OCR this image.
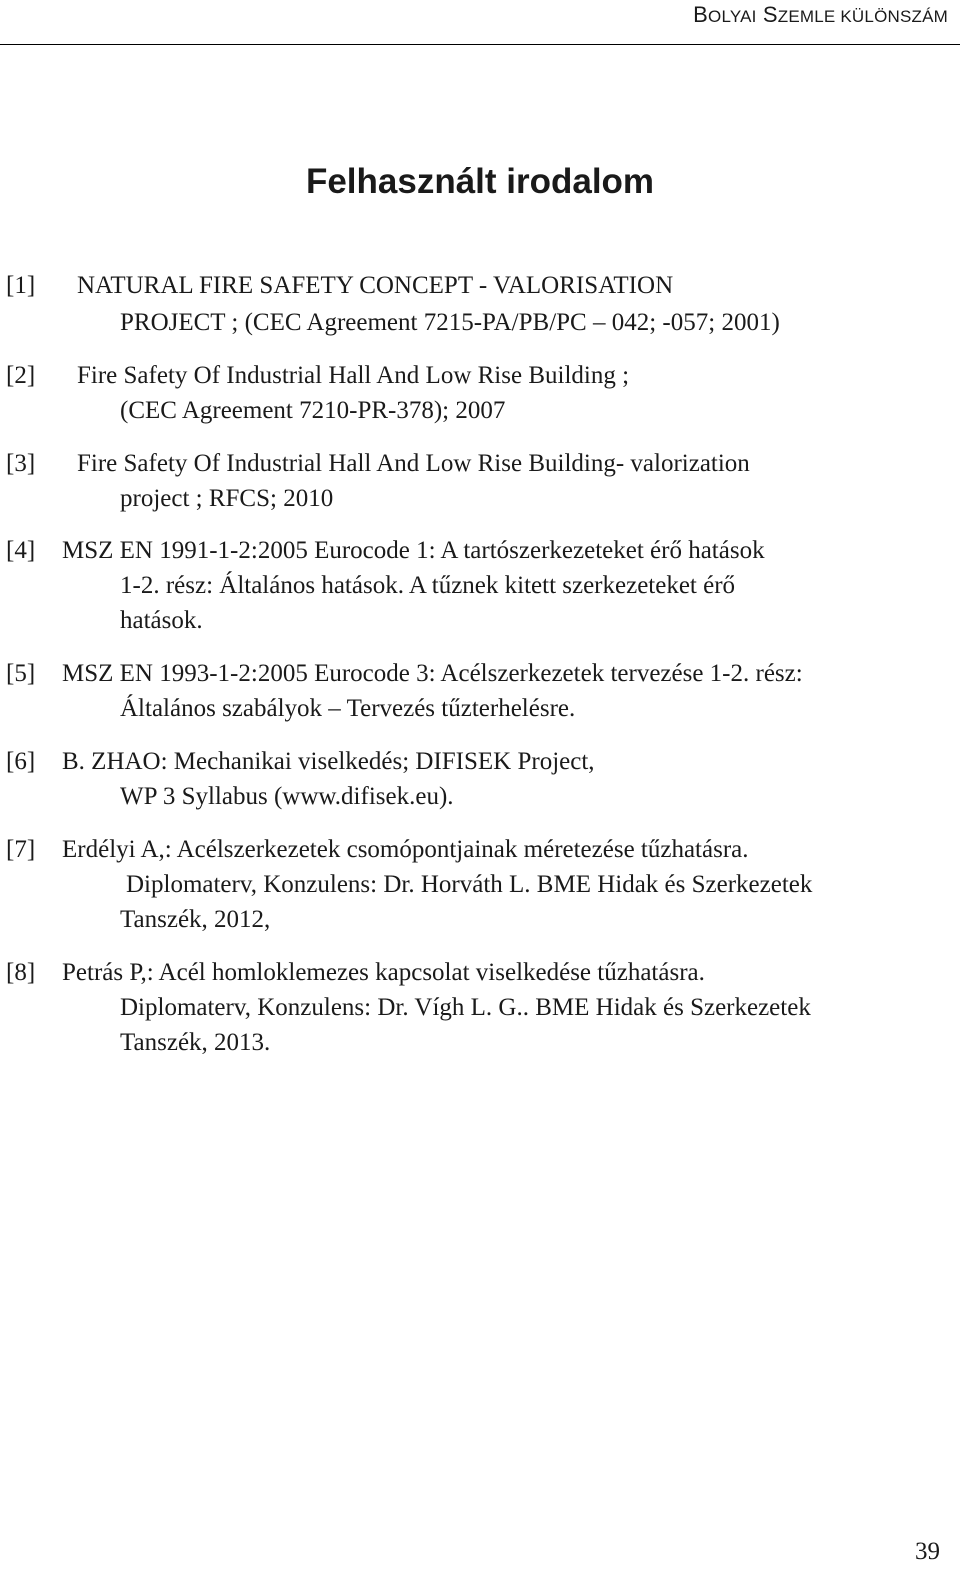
BOLYAI SZEMLE KÜLÖNSZÁM
Felhasznált irodalom
[1] NATURAL FIRE SAFETY CONCEPT - VALORISATION
PROJECT ; (CEC Agreement 7215-PA/PB/PC – 042; -057; 2001)
[2] Fire Safety Of Industrial Hall And Low Rise Building ;
(CEC Agreement 7210-PR-378); 2007
[3] Fire Safety Of Industrial Hall And Low Rise Building- valorization
project ; RFCS; 2010
[4] MSZ EN 1991-1-2:2005 Eurocode 1: A tartószerkezeteket érő hatások
1-2. rész: Általános hatások. A tűznek kitett szerkezeteket érő
hatások.
[5] MSZ EN 1993-1-2:2005 Eurocode 3: Acélszerkezetek tervezése 1-2. rész:
Általános szabályok – Tervezés tűzterhelésre.
[6] B. ZHAO: Mechanikai viselkedés; DIFISEK Project,
WP 3 Syllabus (www.difisek.eu).
[7] Erdélyi A,: Acélszerkezetek csomópontjainak méretezése tűzhatásra.
Diplomaterv, Konzulens: Dr. Horváth L. BME Hidak és Szerkezetek
Tanszék, 2012,
[8] Petrás P,: Acél homloklemezes kapcsolat viselkedése tűzhatásra.
Diplomaterv, Konzulens: Dr. Vígh L. G.. BME Hidak és Szerkezetek
Tanszék, 2013.
39
